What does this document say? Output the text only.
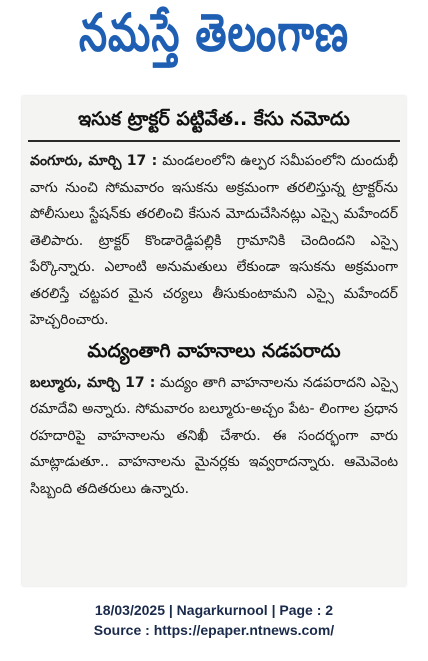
నమస్తే తెలంగాణ

ఇసుక ట్రాక్టర్ పట్టివేత.. కేసు నమోదు

వంగూరు, మార్చి 17 : మండలంలోని ఉల్పర సమీపంలోని దుందుభీ వాగు నుంచి సోమవారం ఇసుకను అక్రమంగా తరలిస్తున్న ట్రాక్టర్‌ను పోలీసులు స్టేషన్‌కు తరలించి కేసున మోదుచేసినట్లు ఎస్సై మహేందర్ తెలిపారు. ట్రాక్టర్ కొండారెడ్డిపల్లికి గ్రామానికి చెందిందని ఎస్సై పేర్కొన్నారు. ఎలాంటి అనుమతులు లేకుండా ఇసుకను అక్రమంగా తరలిస్తే చట్టపర మైన చర్యలు తీసుకుంటామని ఎస్సై మహేందర్ హెచ్చరించారు.

మద్యంతాగి వాహనాలు నడపరాదు

బల్మూరు, మార్చి 17 : మద్యం తాగి వాహనాలను నడపరాదని ఎస్సై రమాదేవి అన్నారు. సోమవారం బల్మూరు-అచ్చం పేట- లింగాల ప్రధాన రహదారిపై వాహనాలను తనిఖీ చేశారు. ఈ సందర్భంగా వారు మాట్లాడుతూ.. వాహనాలను మైనర్లకు ఇవ్వరాదన్నారు. ఆమెవెంట సిబ్బంది తదితరులు ఉన్నారు.

18/03/2025 | Nagarkurnool | Page : 2
Source : https://epaper.ntnews.com/
